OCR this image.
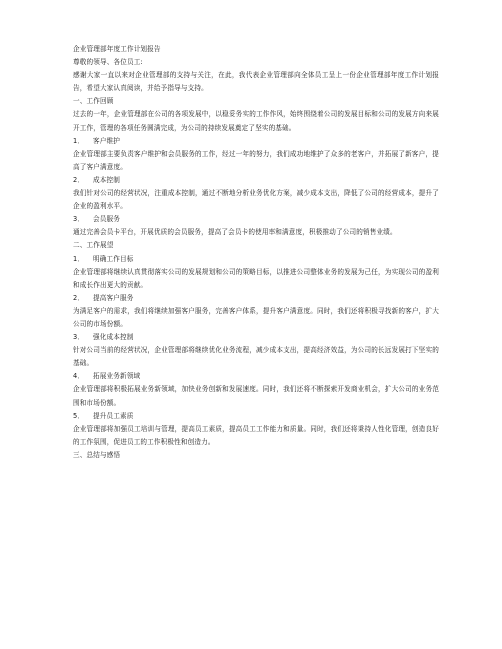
企业管理部年度工作计划报告
尊敬的领导、各位员工:
感谢大家一直以来对企业管理部的支持与关注，在此，我代表企业管理部向全体员工呈上一份企业管理部年度工作计划报告，希望大家认真阅读，并给予指导与支持。
一、工作回顾
过去的一年，企业管理部在公司的各项发展中，以稳妥务实的工作作风，始终围绕着公司的发展目标和公司的发展方向来展开工作，管理的各项任务圆满完成，为公司的持续发展奠定了坚实的基础。
1． 客户维护
企业管理部主要负责客户维护和会员服务的工作，经过一年的努力，我们成功地维护了众多的老客户，并拓展了新客户，提高了客户满意度。
2． 成本控制
我们针对公司的经营状况，注重成本控制，通过不断地分析业务优化方案，减少成本支出，降低了公司的经营成本，提升了企业的盈利水平。
3． 会员服务
通过完善会员卡平台，开展优质的会员服务，提高了会员卡的使用率和满意度，积极推动了公司的销售业绩。
二、工作展望
1． 明确工作目标
企业管理部将继续认真贯彻落实公司的发展规划和公司的策略目标，以推进公司整体业务的发展为己任，为实现公司的盈利和成长作出更大的贡献。
2． 提高客户服务
为满足客户的需求，我们将继续加强客户服务，完善客户体系，提升客户满意度。同时，我们还将积极寻找新的客户，扩大公司的市场份额。
3． 强化成本控制
针对公司当前的经营状况，企业管理部将继续优化业务流程，减少成本支出，提高经济效益，为公司的长远发展打下坚实的基础。
4． 拓展业务新领域
企业管理部将积极拓展业务新领域，加快业务创新和发展速度。同时，我们还将不断探索开发商业机会，扩大公司的业务范围和市场份额。
5． 提升员工素质
企业管理部将加强员工培训与管理，提高员工素质，提高员工工作能力和质量。同时，我们还将秉持人性化管理，创造良好的工作氛围，促进员工的工作积极性和创造力。
三、总结与感悟
